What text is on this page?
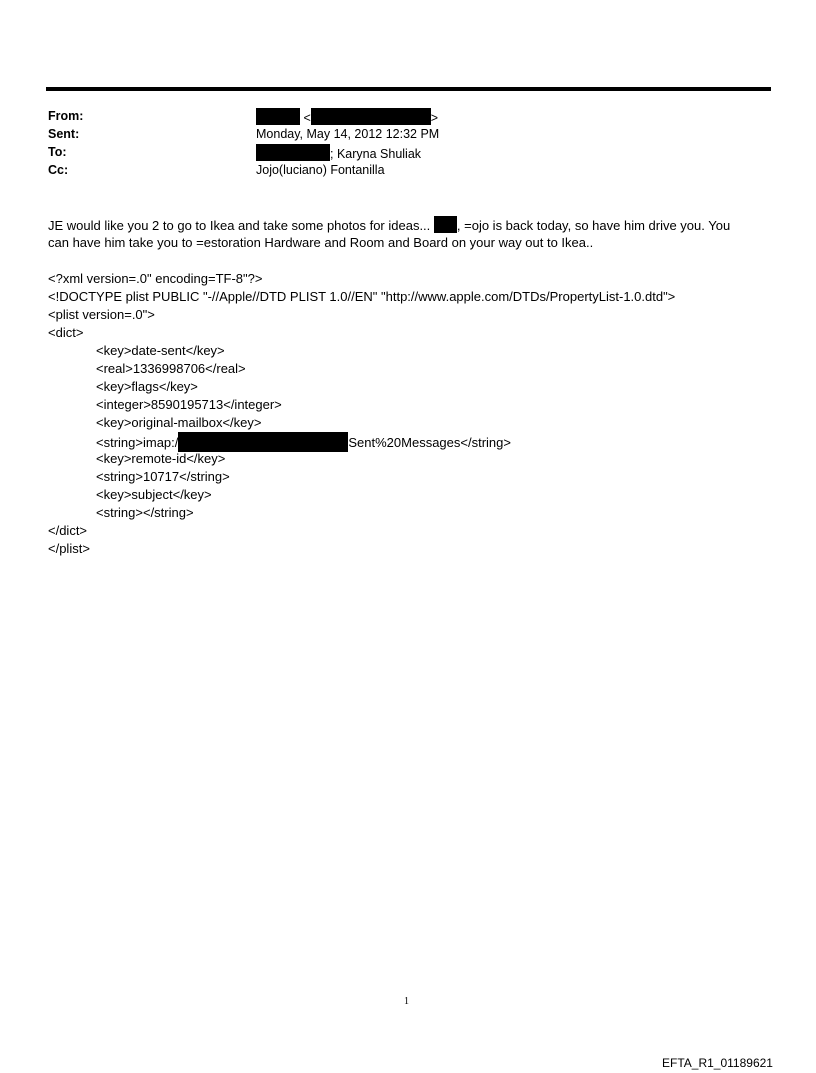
From:
Sent:
To:
Cc:
<	>
Monday, May 14, 2012 12:32 PM
; Karyna Shuliak
Jojo(luciano) Fontanilla
JE would like you 2 to go to Ikea and take some photos for ideas... , =ojo is back today, so have him drive you. You
can have him take you to =estoration Hardware and Room and Board on your way out to Ikea..
<?xml version=.0" encoding=TF-8"?>
<!DOCTYPE plist PUBLIC "-//Apple//DTD PLIST 1.0//EN" "http://www.apple.com/DTDs/PropertyList-1.0.dtd">
<plist version=.0">
<dict>
<key>date-sent</key>
<real>1336998706</real>
<key>flags</key>
<integer>8590195713</integer>
<key>original-mailbox</key>
<string>imap:/	Sent%20Messages</string>
<key>remote-id</key>
<string>10717</string>
<key>subject</key>
<string></string>
</dict>
</plist>
1
EFTA_R1_01189621
